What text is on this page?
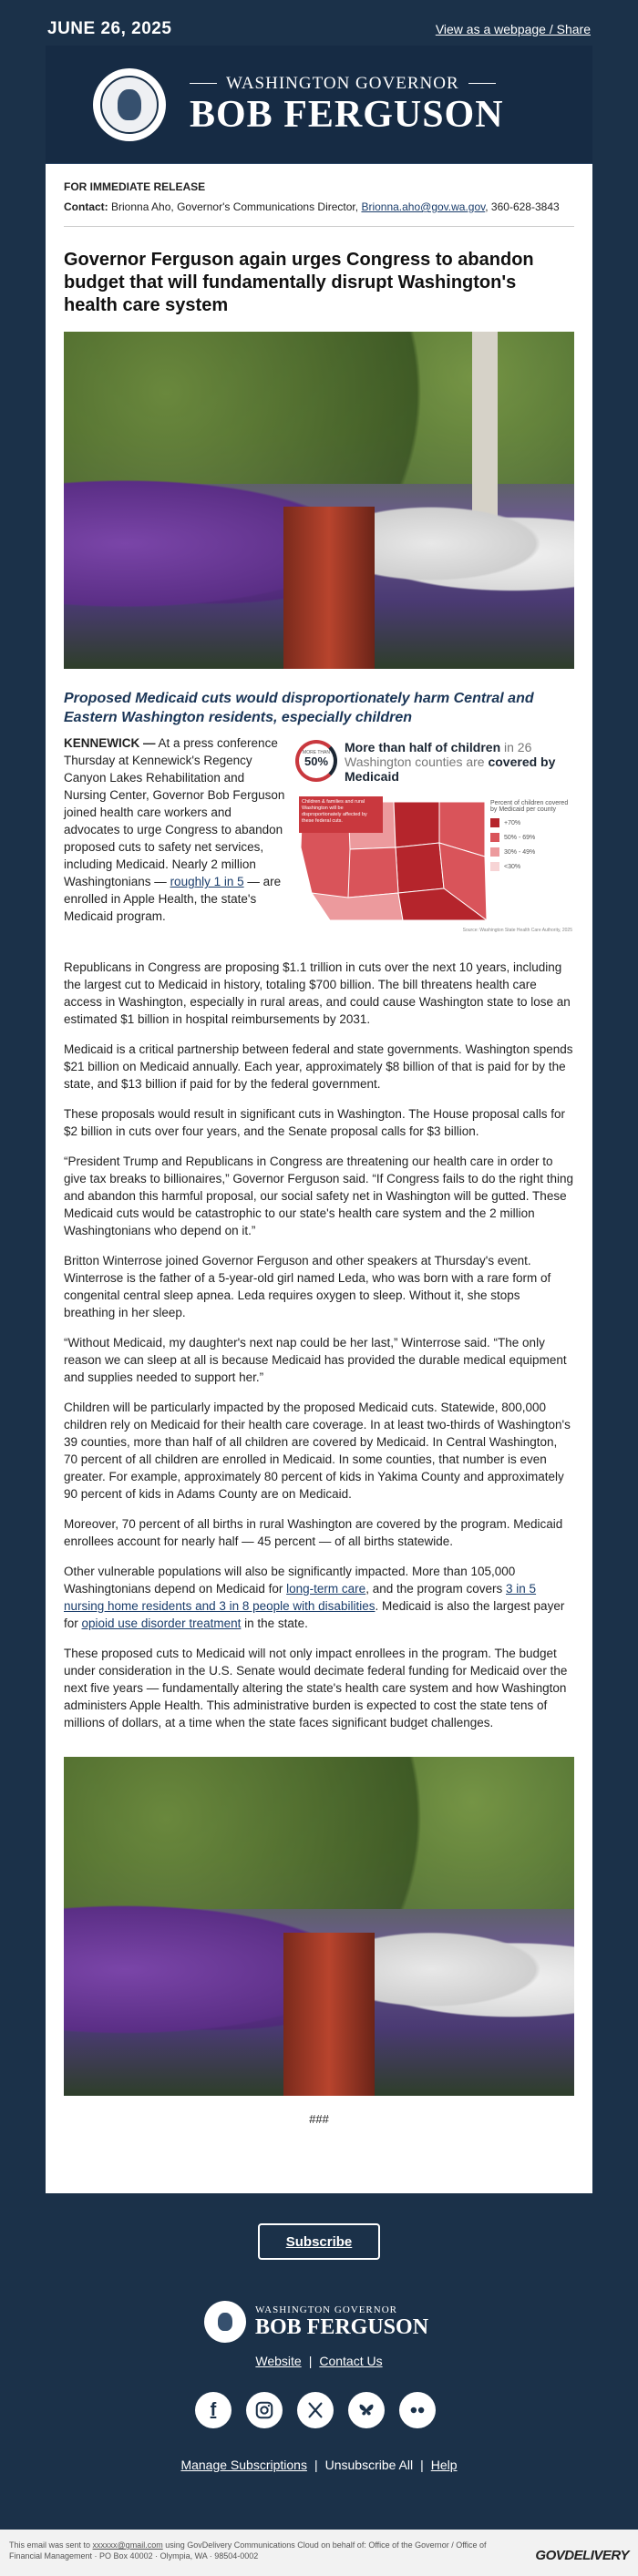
JUNE 26, 2025	View as a webpage / Share
WASHINGTON GOVERNOR
BOB FERGUSON
FOR IMMEDIATE RELEASE
Contact: Brionna Aho, Governor's Communications Director, Brionna.aho@gov.wa.gov, 360-628-3843
Governor Ferguson again urges Congress to abandon budget that will fundamentally disrupt Washington's health care system
Proposed Medicaid cuts would disproportionately harm Central and Eastern Washington residents, especially children
KENNEWICK — At a press conference Thursday at Kennewick's Regency Canyon Lakes Rehabilitation and Nursing Center, Governor Bob Ferguson joined health care workers and advocates to urge Congress to abandon proposed cuts to safety net services, including Medicaid. Nearly 2 million Washingtonians — roughly 1 in 5 — are enrolled in Apple Health, the state's Medicaid program.
MORE THAN
50%
More than half of children in 26 Washington counties are covered by Medicaid
Children & families and rural Washington will be disproportionately affected by these federal cuts.
Percent of children covered by Medicaid per county
+70%
50% - 69%
30% - 49%
<30%
Source: Washington State Health Care Authority, 2025

Republicans in Congress are proposing $1.1 trillion in cuts over the next 10 years, including the largest cut to Medicaid in history, totaling $700 billion. The bill threatens health care access in Washington, especially in rural areas, and could cause Washington state to lose an estimated $1 billion in hospital reimbursements by 2031.

Medicaid is a critical partnership between federal and state governments. Washington spends $21 billion on Medicaid annually. Each year, approximately $8 billion of that is paid for by the state, and $13 billion if paid for by the federal government.

These proposals would result in significant cuts in Washington. The House proposal calls for $2 billion in cuts over four years, and the Senate proposal calls for $3 billion.

“President Trump and Republicans in Congress are threatening our health care in order to give tax breaks to billionaires,” Governor Ferguson said. “If Congress fails to do the right thing and abandon this harmful proposal, our social safety net in Washington will be gutted. These Medicaid cuts would be catastrophic to our state's health care system and the 2 million Washingtonians who depend on it.”

Britton Winterrose joined Governor Ferguson and other speakers at Thursday's event. Winterrose is the father of a 5-year-old girl named Leda, who was born with a rare form of congenital central sleep apnea. Leda requires oxygen to sleep. Without it, she stops breathing in her sleep.

“Without Medicaid, my daughter's next nap could be her last,” Winterrose said. “The only reason we can sleep at all is because Medicaid has provided the durable medical equipment and supplies needed to support her.”

Children will be particularly impacted by the proposed Medicaid cuts. Statewide, 800,000 children rely on Medicaid for their health care coverage. In at least two-thirds of Washington's 39 counties, more than half of all children are covered by Medicaid. In Central Washington, 70 percent of all children are enrolled in Medicaid. In some counties, that number is even greater. For example, approximately 80 percent of kids in Yakima County and approximately 90 percent of kids in Adams County are on Medicaid.

Moreover, 70 percent of all births in rural Washington are covered by the program. Medicaid enrollees account for nearly half — 45 percent — of all births statewide.

Other vulnerable populations will also be significantly impacted. More than 105,000 Washingtonians depend on Medicaid for long-term care, and the program covers 3 in 5 nursing home residents and 3 in 8 people with disabilities. Medicaid is also the largest payer for opioid use disorder treatment in the state.

These proposed cuts to Medicaid will not only impact enrollees in the program. The budget under consideration in the U.S. Senate would decimate federal funding for Medicaid over the next five years — fundamentally altering the state's health care system and how Washington administers Apple Health. This administrative burden is expected to cost the state tens of millions of dollars, at a time when the state faces significant budget challenges.

###
Subscribe
WASHINGTON GOVERNOR
BOB FERGUSON
Website | Contact Us
f
Manage Subscriptions | Unsubscribe All | Help
This email was sent to xxxxxx@gmail.com using GovDelivery Communications Cloud on behalf of: Office of the Governor / Office of Financial Management · PO Box 40002 · Olympia, WA · 98504-0002	GOVDELIVERY
